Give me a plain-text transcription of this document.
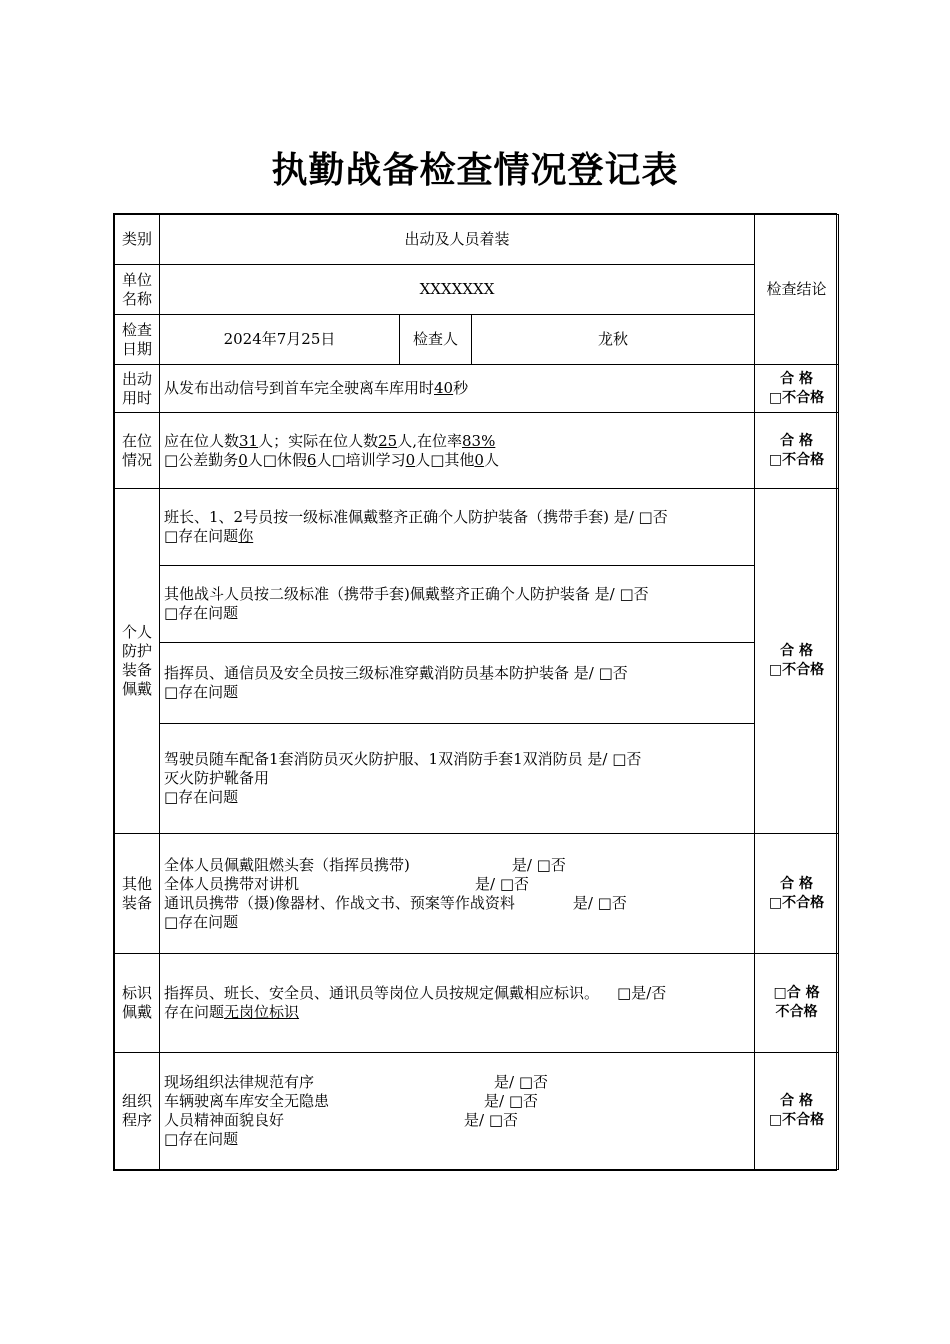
执勤战备检查情况登记表
类别	出动及人员着装			检查结论
单位名称	XXXXXXX			
检查日期	2024年7月25日	检查人	龙秋	
出动用时	从发布出动信号到首车完全驶离车库用时40秒			合 格
□不合格

在位情况	应在位人数31人；实际在位人数25人,在位率83%
□公差勤务0人□休假6人□培训学习0人□其他0人			合 格
□不合格

个人防护装备佩戴	班长、1、2号员按一级标准佩戴整齐正确个人防护装备（携带手套) 是/ □否
□存在问题你			合 格
□不合格

	其他战斗人员按二级标准（携带手套)佩戴整齐正确个人防护装备 是/ □否
□存在问题			

	指挥员、通信员及安全员按三级标准穿戴消防员基本防护装备 是/ □否
□存在问题			

	驾驶员随车配备1套消防员灭火防护服、1双消防手套1双消防员 是/ □否
灭火防护靴备用
□存在问题			

其他装备	全体人员佩戴阻燃头套（指挥员携带) 是/ □否
全体人员携带对讲机 是/ □否
通讯员携带（摄)像器材、作战文书、预案等作战资料 是/ □否
□存在问题			合 格
□不合格

标识佩戴	指挥员、班长、安全员、通讯员等岗位人员按规定佩戴相应标识。 □是/否
存在问题无岗位标识			□合 格
不合格

组织程序	现场组织法律规范有序 是/ □否
车辆驶离车库安全无隐患 是/ □否
人员精神面貌良好 是/ □否
□存在问题			合 格
□不合格
